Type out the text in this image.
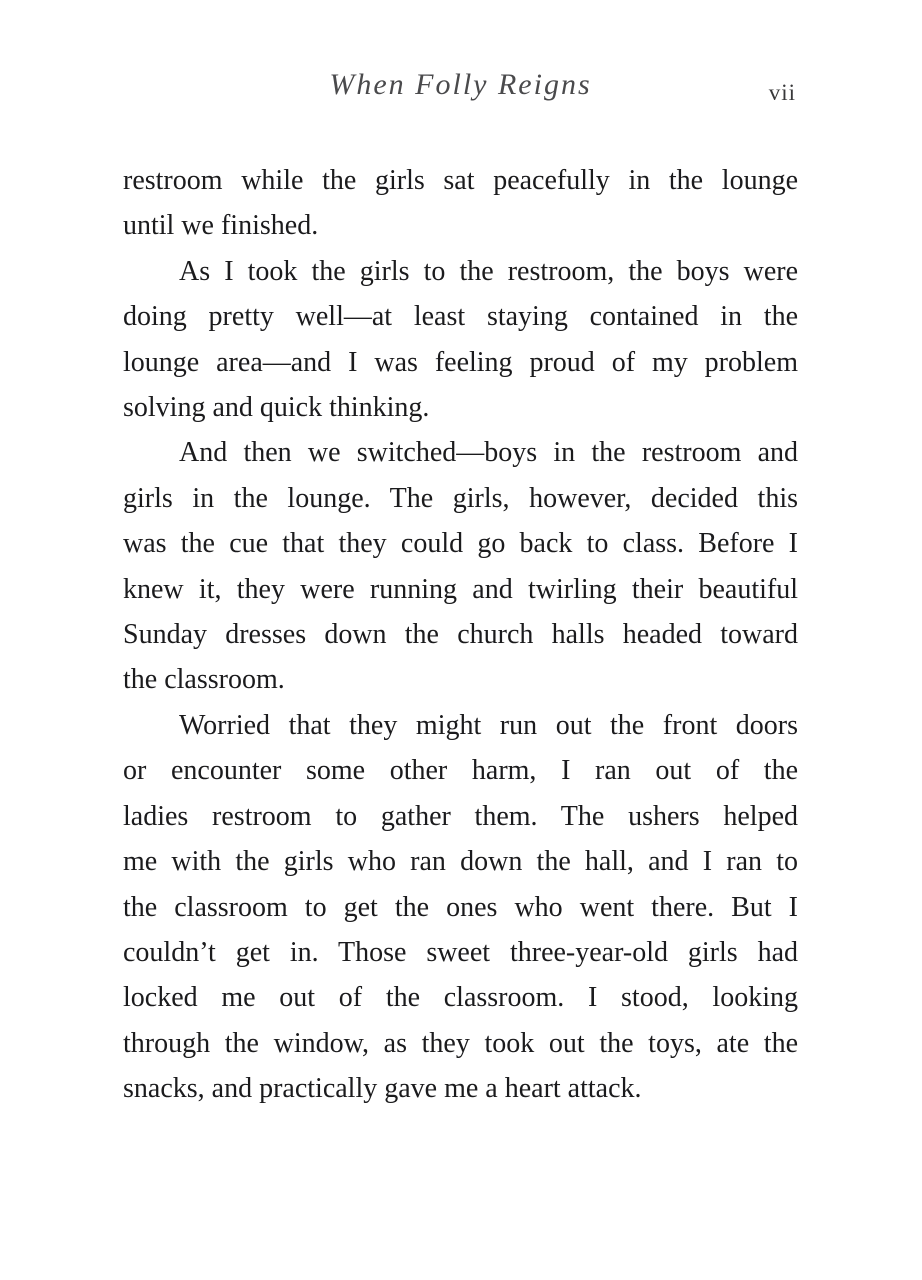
When Folly Reigns	vii
restroom while the girls sat peacefully in the lounge
until we finished.
As I took the girls to the restroom, the boys were
doing pretty well—at least staying contained in the
lounge area—and I was feeling proud of my problem
solving and quick thinking.
And then we switched—boys in the restroom and
girls in the lounge. The girls, however, decided this
was the cue that they could go back to class. Before I
knew it, they were running and twirling their beautiful
Sunday dresses down the church halls headed toward
the classroom.
Worried that they might run out the front doors
or encounter some other harm, I ran out of the
ladies restroom to gather them. The ushers helped
me with the girls who ran down the hall, and I ran to
the classroom to get the ones who went there. But I
couldn’t get in. Those sweet three-year-old girls had
locked me out of the classroom. I stood, looking
through the window, as they took out the toys, ate the
snacks, and practically gave me a heart attack.
